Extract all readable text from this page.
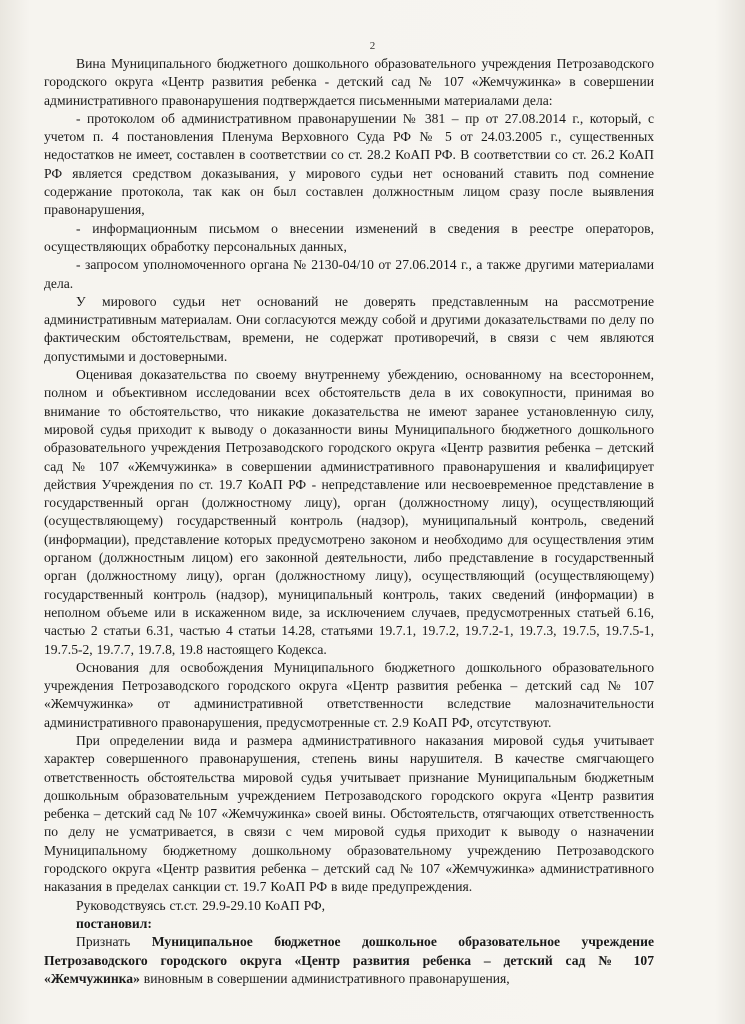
2

Вина Муниципального бюджетного дошкольного образовательного учреждения Петрозаводского городского округа «Центр развития ребенка - детский сад № 107 «Жемчужинка» в совершении административного правонарушения подтверждается письменными материалами дела:

- протоколом об административном правонарушении № 381 – пр от 27.08.2014 г., который, с учетом п. 4 постановления Пленума Верховного Суда РФ № 5 от 24.03.2005 г., существенных недостатков не имеет, составлен в соответствии со ст. 28.2 КоАП РФ. В соответствии со ст. 26.2 КоАП РФ является средством доказывания, у мирового судьи нет оснований ставить под сомнение содержание протокола, так как он был составлен должностным лицом сразу после выявления правонарушения,

- информационным письмом о внесении изменений в сведения в реестре операторов, осуществляющих обработку персональных данных,

- запросом уполномоченного органа № 2130-04/10 от 27.06.2014 г., а также другими материалами дела.

У мирового судьи нет оснований не доверять представленным на рассмотрение административным материалам. Они согласуются между собой и другими доказательствами по делу по фактическим обстоятельствам, времени, не содержат противоречий, в связи с чем являются допустимыми и достоверными.

Оценивая доказательства по своему внутреннему убеждению, основанному на всестороннем, полном и объективном исследовании всех обстоятельств дела в их совокупности, принимая во внимание то обстоятельство, что никакие доказательства не имеют заранее установленную силу, мировой судья приходит к выводу о доказанности вины Муниципального бюджетного дошкольного образовательного учреждения Петрозаводского городского округа «Центр развития ребенка – детский сад № 107 «Жемчужинка» в совершении административного правонарушения и квалифицирует действия Учреждения по ст. 19.7 КоАП РФ - непредставление или несвоевременное представление в государственный орган (должностному лицу), орган (должностному лицу), осуществляющий (осуществляющему) государственный контроль (надзор), муниципальный контроль, сведений (информации), представление которых предусмотрено законом и необходимо для осуществления этим органом (должностным лицом) его законной деятельности, либо представление в государственный орган (должностному лицу), орган (должностному лицу), осуществляющий (осуществляющему) государственный контроль (надзор), муниципальный контроль, таких сведений (информации) в неполном объеме или в искаженном виде, за исключением случаев, предусмотренных статьей 6.16, частью 2 статьи 6.31, частью 4 статьи 14.28, статьями 19.7.1, 19.7.2, 19.7.2-1, 19.7.3, 19.7.5, 19.7.5-1, 19.7.5-2, 19.7.7, 19.7.8, 19.8 настоящего Кодекса.

Основания для освобождения Муниципального бюджетного дошкольного образовательного учреждения Петрозаводского городского округа «Центр развития ребенка – детский сад № 107 «Жемчужинка» от административной ответственности вследствие малозначительности административного правонарушения, предусмотренные ст. 2.9 КоАП РФ, отсутствуют.

При определении вида и размера административного наказания мировой судья учитывает характер совершенного правонарушения, степень вины нарушителя. В качестве смягчающего ответственность обстоятельства мировой судья учитывает признание Муниципальным бюджетным дошкольным образовательным учреждением Петрозаводского городского округа «Центр развития ребенка – детский сад № 107 «Жемчужинка» своей вины. Обстоятельств, отягчающих ответственность по делу не усматривается, в связи с чем мировой судья приходит к выводу о назначении Муниципальному бюджетному дошкольному образовательному учреждению Петрозаводского городского округа «Центр развития ребенка – детский сад № 107 «Жемчужинка» административного наказания в пределах санкции ст. 19.7 КоАП РФ в виде предупреждения.

Руководствуясь ст.ст. 29.9-29.10 КоАП РФ,

постановил:

Признать Муниципальное бюджетное дошкольное образовательное учреждение Петрозаводского городского округа «Центр развития ребенка – детский сад № 107 «Жемчужинка» виновным в совершении административного правонарушения,
